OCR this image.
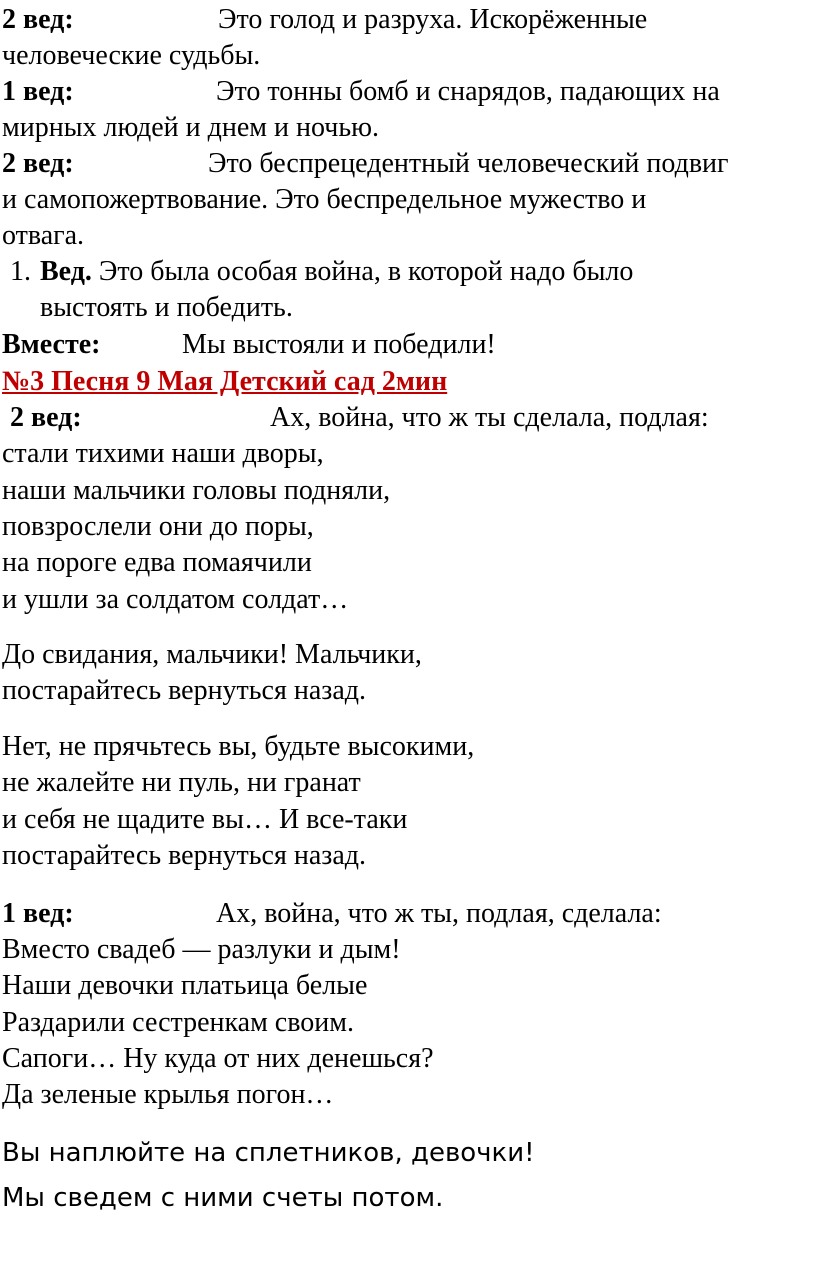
2 вед:	Это голод и разруха. Искорёженные
человеческие судьбы.
1 вед:	Это тонны бомб и снарядов, падающих на
мирных людей и днем и ночью.
2 вед:	Это беспрецедентный человеческий подвиг
и самопожертвование. Это беспредельное мужество и
отвага.
1. Вед. Это была особая война, в которой надо было
выстоять и победить.
Вместе:	Мы выстояли и победили!
№3 Песня 9 Мая Детский сад 2мин
2 вед:	Ах, война, что ж ты сделала, подлая:
стали тихими наши дворы,
наши мальчики головы подняли,
повзрослели они до поры,
на пороге едва помаячили
и ушли за солдатом солдат…
До свидания, мальчики! Мальчики,
постарайтесь вернуться назад.
Нет, не прячьтесь вы, будьте высокими,
не жалейте ни пуль, ни гранат
и себя не щадите вы… И все-таки
постарайтесь вернуться назад.
1 вед:	Ах, война, что ж ты, подлая, сделала:
Вместо свадеб — разлуки и дым!
Наши девочки платьица белые
Раздарили сестренкам своим.
Сапоги… Ну куда от них денешься?
Да зеленые крылья погон…
Вы наплюйте на сплетников, девочки!
Мы сведем с ними счеты потом.
